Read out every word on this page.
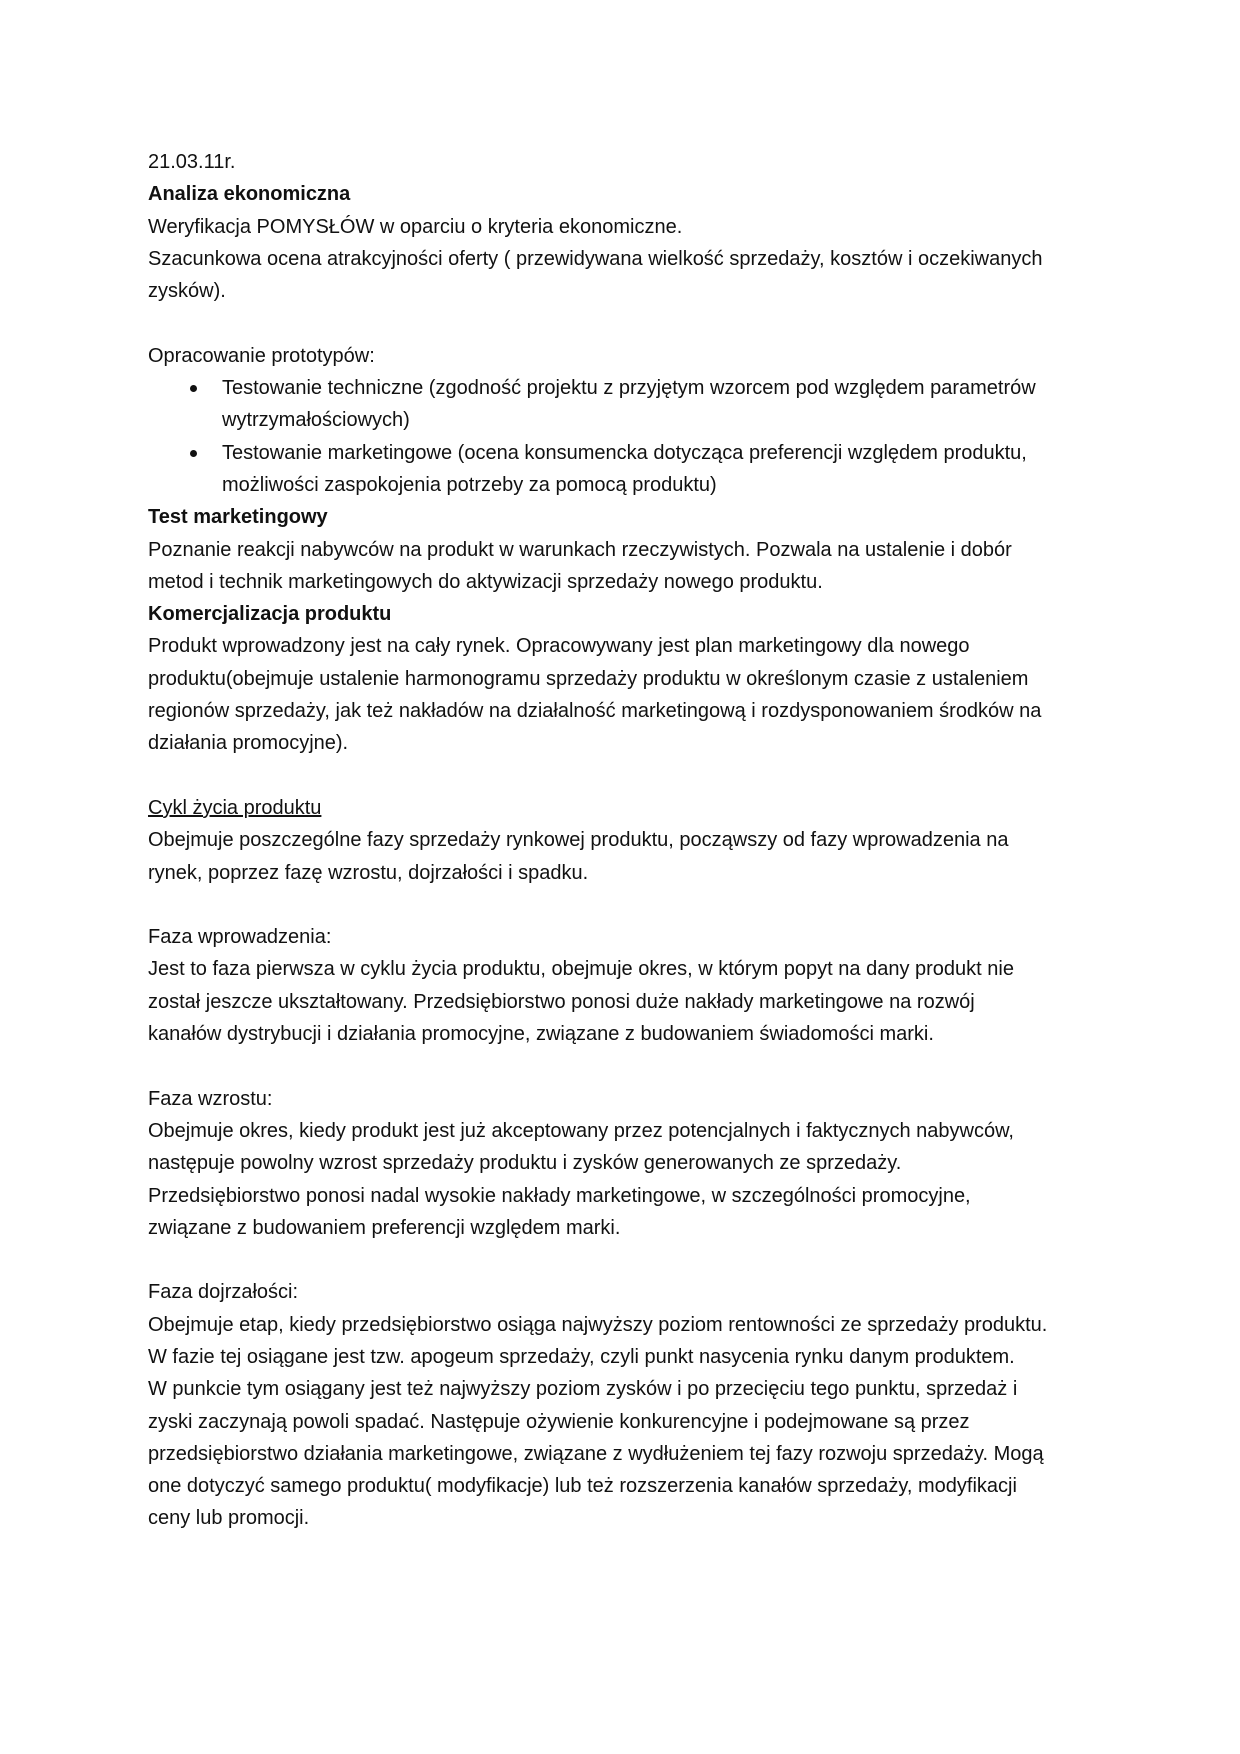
21.03.11r.
Analiza ekonomiczna
Weryfikacja POMYSŁÓW w oparciu o kryteria ekonomiczne.
Szacunkowa ocena atrakcyjności oferty ( przewidywana wielkość sprzedaży, kosztów i oczekiwanych
zysków).
Opracowanie prototypów:
Testowanie techniczne (zgodność projektu z przyjętym wzorcem pod względem parametrów
wytrzymałościowych)
Testowanie marketingowe (ocena konsumencka dotycząca preferencji względem produktu,
możliwości zaspokojenia potrzeby za pomocą produktu)
Test marketingowy
Poznanie reakcji nabywców na produkt w warunkach rzeczywistych. Pozwala na ustalenie i dobór
metod i technik marketingowych do aktywizacji sprzedaży nowego produktu.
Komercjalizacja produktu
Produkt wprowadzony jest na cały rynek. Opracowywany jest plan marketingowy dla nowego
produktu(obejmuje ustalenie harmonogramu sprzedaży produktu w określonym czasie z ustaleniem
regionów sprzedaży, jak też nakładów na działalność marketingową i rozdysponowaniem środków na
działania promocyjne).
Cykl życia produktu
Obejmuje poszczególne fazy sprzedaży rynkowej produktu, począwszy od fazy wprowadzenia na
rynek, poprzez fazę wzrostu, dojrzałości i spadku.
Faza wprowadzenia:
Jest to faza pierwsza w cyklu życia produktu, obejmuje okres, w którym popyt na dany produkt nie
został jeszcze ukształtowany. Przedsiębiorstwo ponosi duże nakłady marketingowe na rozwój
kanałów dystrybucji i działania promocyjne, związane z budowaniem świadomości marki.
Faza wzrostu:
Obejmuje okres, kiedy produkt jest już akceptowany przez potencjalnych i faktycznych nabywców,
następuje powolny wzrost sprzedaży produktu i zysków generowanych ze sprzedaży.
Przedsiębiorstwo ponosi nadal wysokie nakłady marketingowe, w szczególności promocyjne,
związane z budowaniem preferencji względem marki.
Faza dojrzałości:
Obejmuje etap, kiedy przedsiębiorstwo osiąga najwyższy poziom rentowności ze sprzedaży produktu.
W fazie tej osiągane jest tzw. apogeum sprzedaży, czyli punkt nasycenia rynku danym produktem.
W punkcie tym osiągany jest też najwyższy poziom zysków i po przecięciu tego punktu, sprzedaż i
zyski zaczynają powoli spadać. Następuje ożywienie konkurencyjne i podejmowane są przez
przedsiębiorstwo działania marketingowe, związane z wydłużeniem tej fazy rozwoju sprzedaży. Mogą
one dotyczyć samego produktu( modyfikacje) lub też rozszerzenia kanałów sprzedaży, modyfikacji
ceny lub promocji.
